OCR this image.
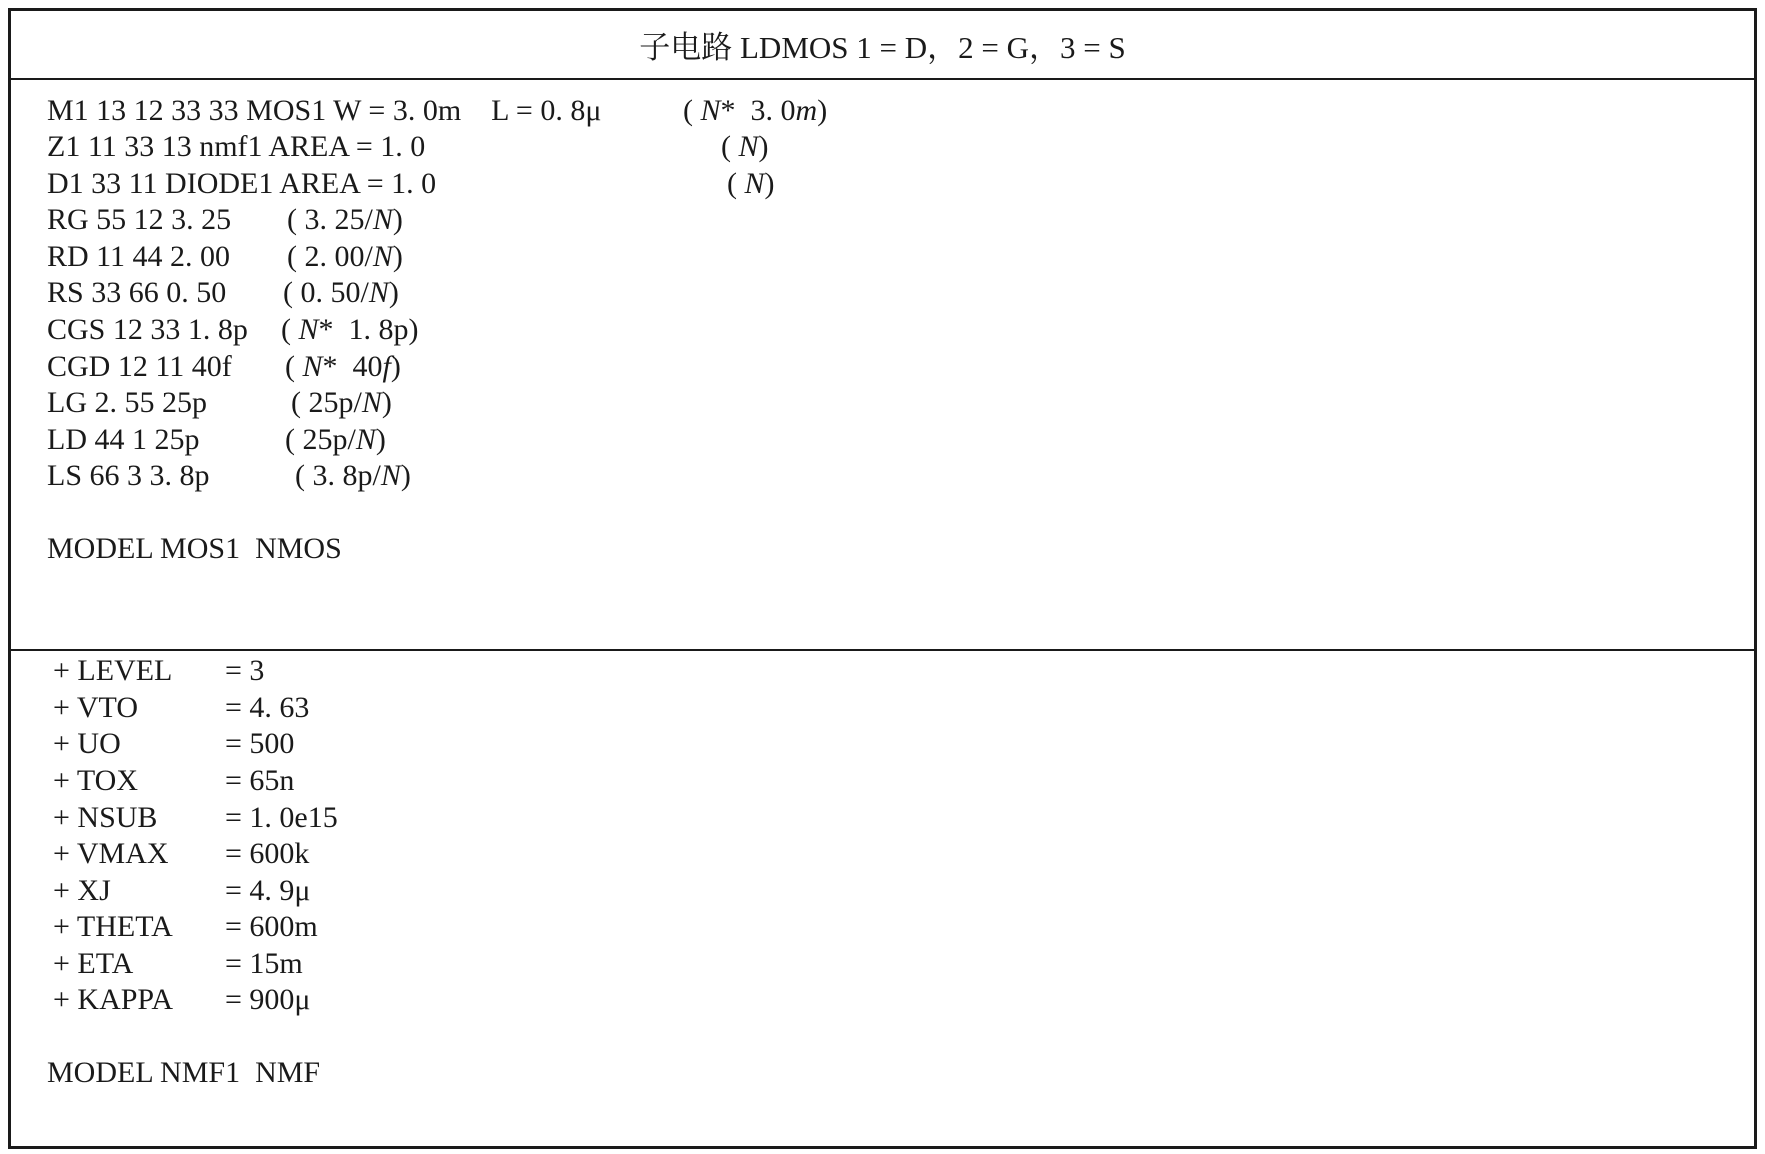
子电路 LDMOS 1 = D，2 = G，3 = S
M1 13 12 33 33 MOS1 W = 3. 0m    L = 0. 8μ	( N*  3. 0m)
Z1 11 33 13 nmf1 AREA = 1. 0	( N)
D1 33 11 DIODE1 AREA = 1. 0	( N)
RG 55 12 3. 25 ( 3. 25/N)
RD 11 44 2. 00 ( 2. 00/N)
RS 33 66 0. 50 ( 0. 50/N)
CGS 12 33 1. 8p ( N*  1. 8p)
CGD 12 11 40f ( N*  40f)
LG 2. 55 25p	( 25p/N)
LD 44 1 25p	( 25p/N)
LS 66 3 3. 8p	( 3. 8p/N)
MODEL MOS1  NMOS
+ LEVEL = 3
+ VTO	= 4. 63
+ UO	= 500
+ TOX	= 65n
+ NSUB = 1. 0e15
+ VMAX = 600k
+ XJ	= 4. 9μ
+ THETA = 600m
+ ETA	= 15m
+ KAPPA = 900μ
MODEL NMF1  NMF
